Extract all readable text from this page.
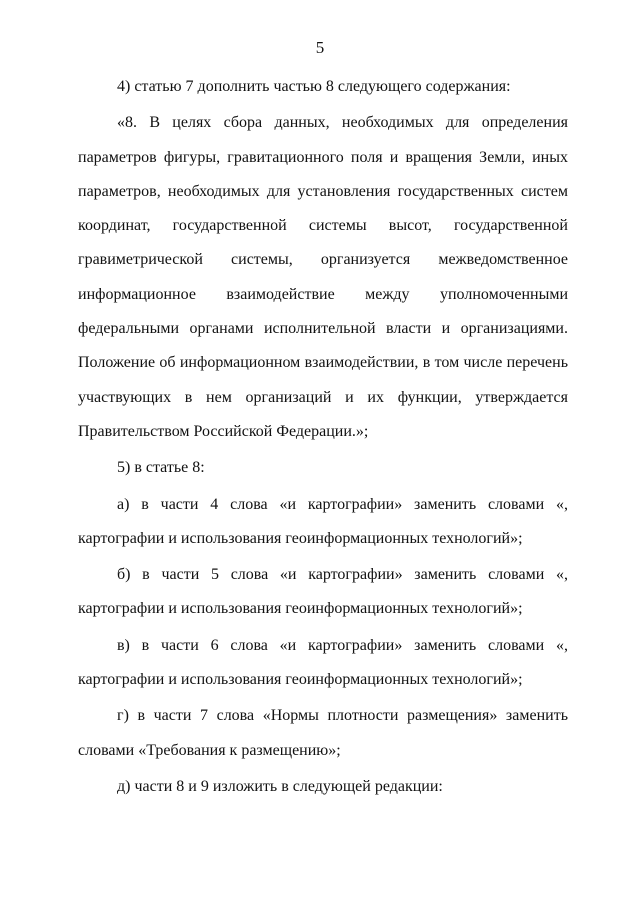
5

4) статью 7 дополнить частью 8 следующего содержания:

«8. В целях сбора данных, необходимых для определения параметров фигуры, гравитационного поля и вращения Земли, иных параметров, необходимых для установления государственных систем координат, государственной системы высот, государственной гравиметрической системы, организуется межведомственное информационное взаимодействие между уполномоченными федеральными органами исполнительной власти и организациями. Положение об информационном взаимодействии, в том числе перечень участвующих в нем организаций и их функции, утверждается Правительством Российской Федерации.»;

5) в статье 8:

а) в части 4 слова «и картографии» заменить словами «, картографии и использования геоинформационных технологий»;

б) в части 5 слова «и картографии» заменить словами «, картографии и использования геоинформационных технологий»;

в) в части 6 слова «и картографии» заменить словами «, картографии и использования геоинформационных технологий»;

г) в части 7 слова «Нормы плотности размещения» заменить словами «Требования к размещению»;

д) части 8 и 9 изложить в следующей редакции:
